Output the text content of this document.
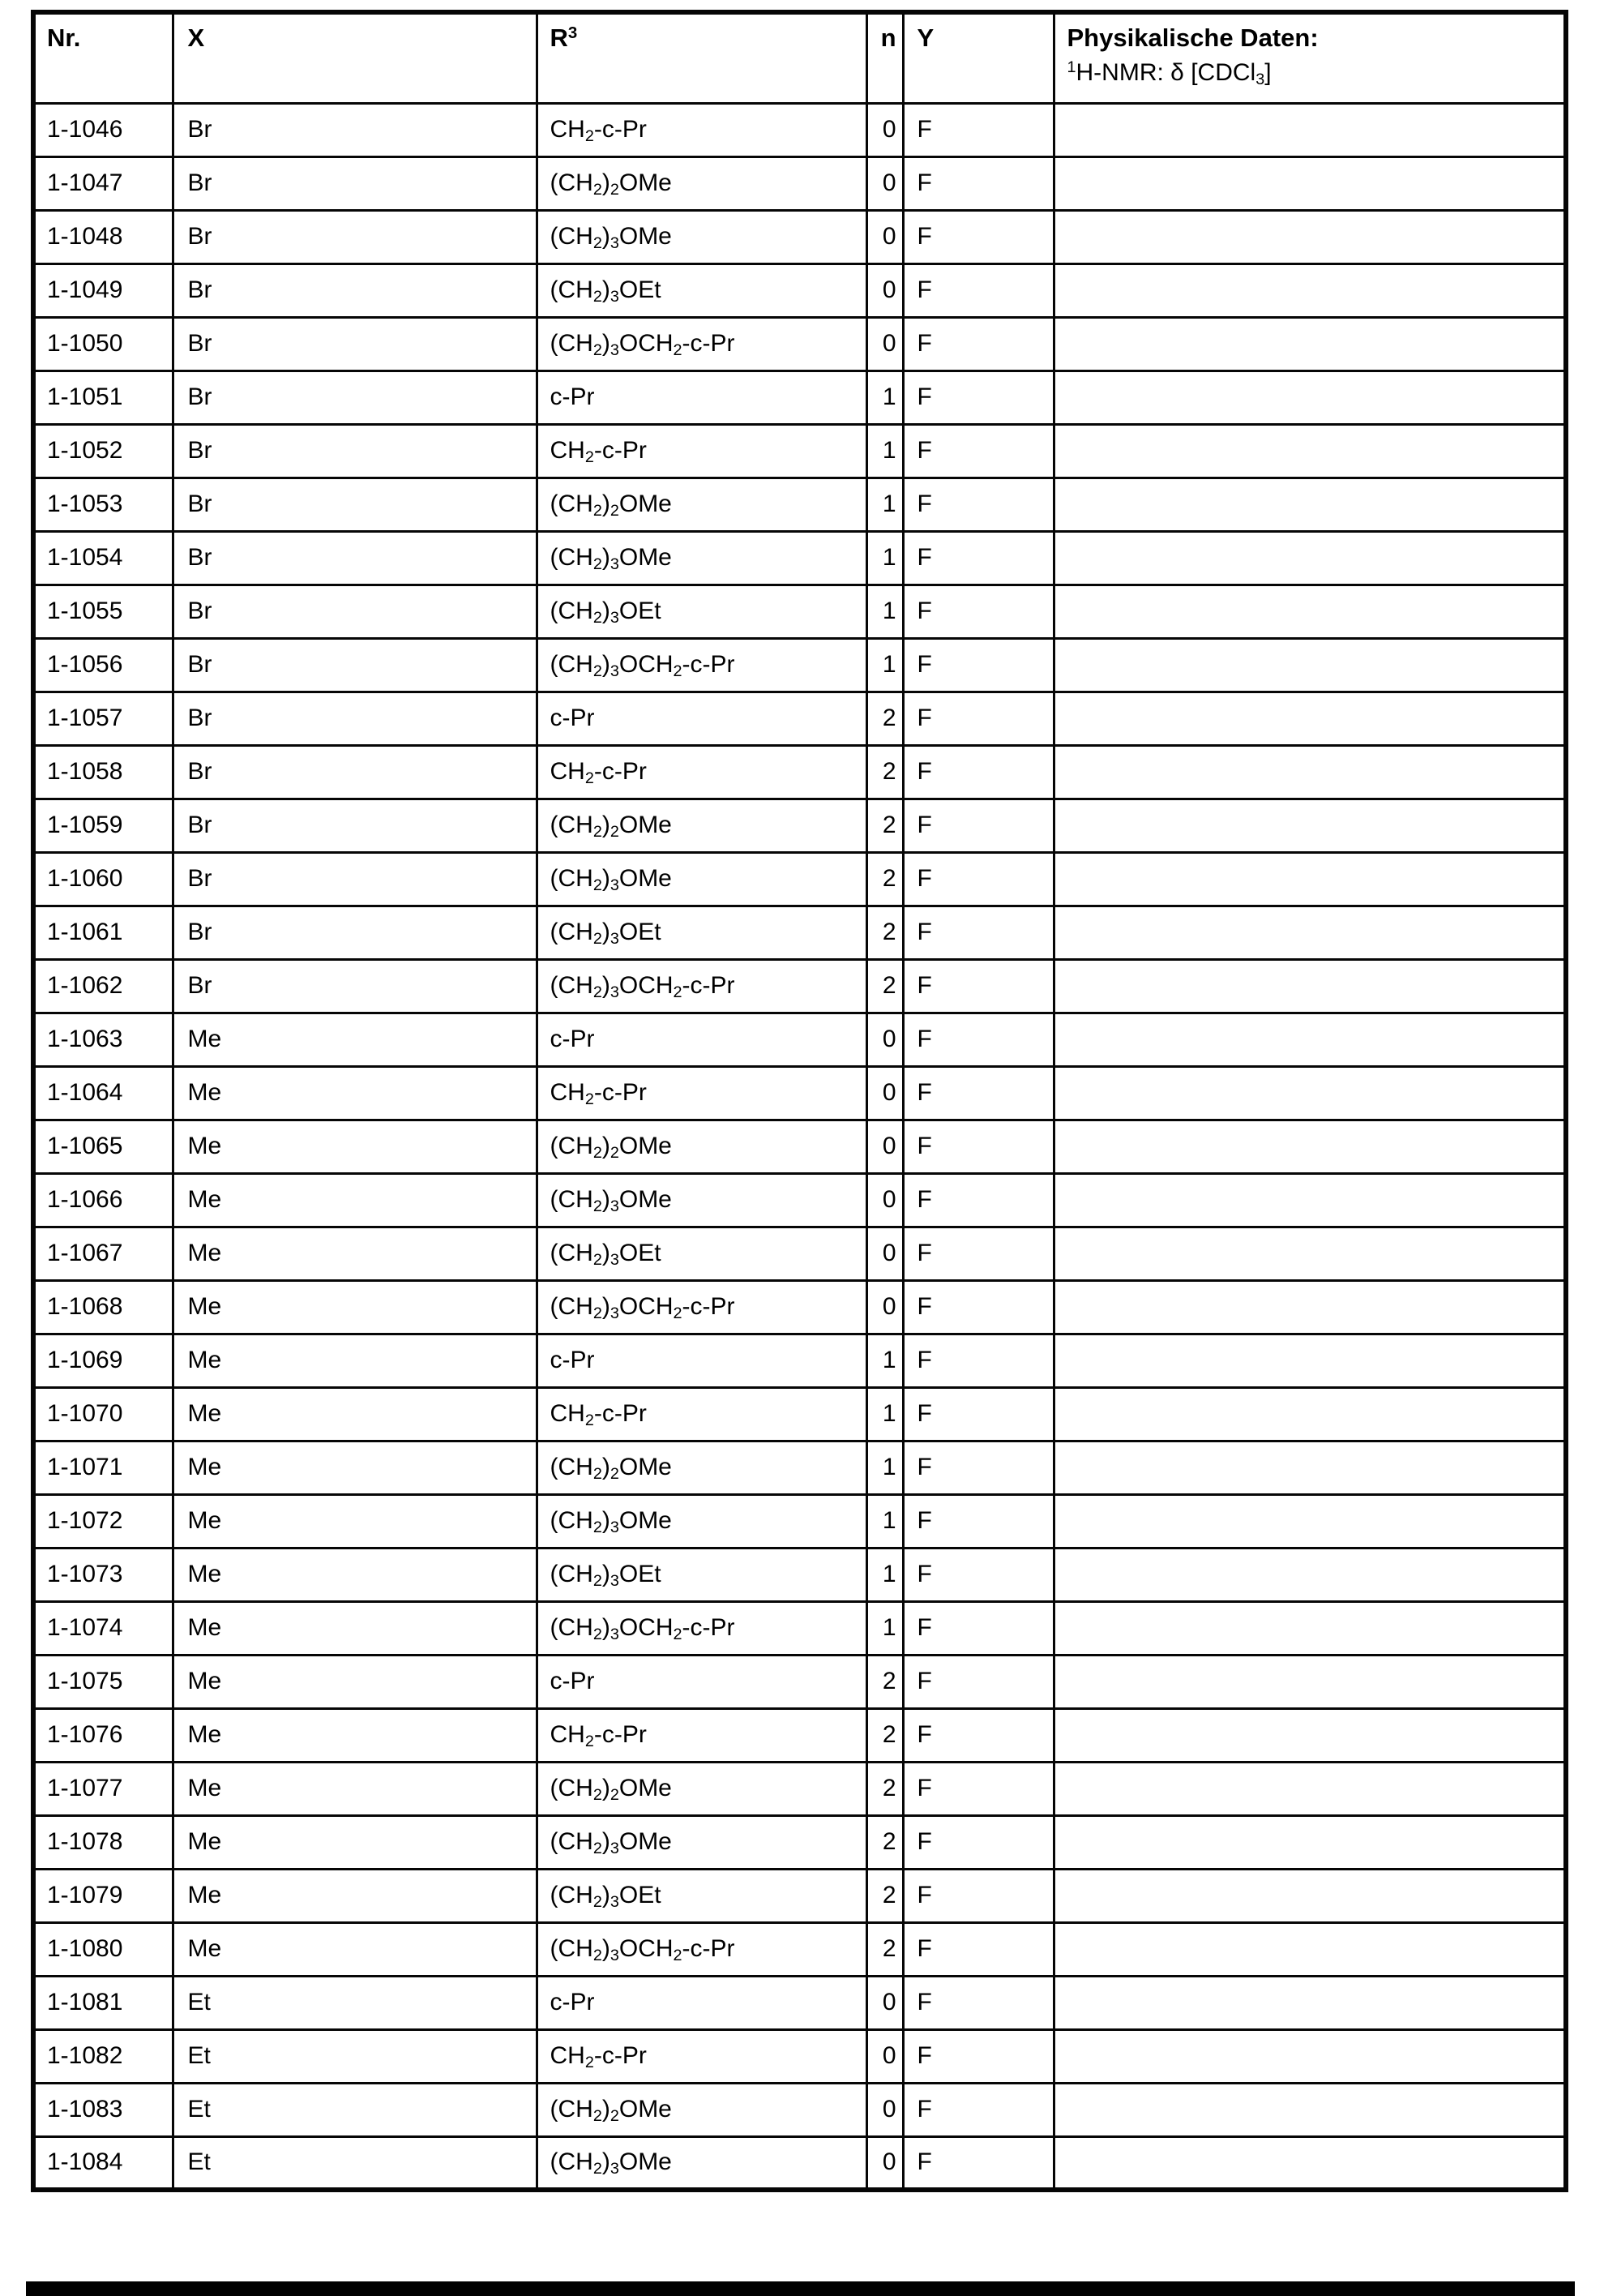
Nr.	X	$R^3$	n	Y	Physikalische Daten:
$^1$H-NMR: δ [CDCl$_3$]

1-1046	Br	$CH_2-c-Pr$	0	F	
1-1047	Br	$(CH_2)_2OMe$	0	F	
1-1048	Br	$(CH_2)_3OMe$	0	F	
1-1049	Br	$(CH_2)_3OEt$	0	F	
1-1050	Br	$(CH_2)_3OCH_2-c-Pr$	0	F	
1-1051	Br	c-Pr	1	F	
1-1052	Br	$CH_2-c-Pr$	1	F	
1-1053	Br	$(CH_2)_2OMe$	1	F	
1-1054	Br	$(CH_2)_3OMe$	1	F	
1-1055	Br	$(CH_2)_3OEt$	1	F	
1-1056	Br	$(CH_2)_3OCH_2-c-Pr$	1	F	
1-1057	Br	c-Pr	2	F	
1-1058	Br	$CH_2-c-Pr$	2	F	
1-1059	Br	$(CH_2)_2OMe$	2	F	
1-1060	Br	$(CH_2)_3OMe$	2	F	
1-1061	Br	$(CH_2)_3OEt$	2	F	
1-1062	Br	$(CH_2)_3OCH_2-c-Pr$	2	F	
1-1063	Me	c-Pr	0	F	
1-1064	Me	$CH_2-c-Pr$	0	F	
1-1065	Me	$(CH_2)_2OMe$	0	F	
1-1066	Me	$(CH_2)_3OMe$	0	F	
1-1067	Me	$(CH_2)_3OEt$	0	F	
1-1068	Me	$(CH_2)_3OCH_2-c-Pr$	0	F	
1-1069	Me	c-Pr	1	F	
1-1070	Me	$CH_2-c-Pr$	1	F	
1-1071	Me	$(CH_2)_2OMe$	1	F	
1-1072	Me	$(CH_2)_3OMe$	1	F	
1-1073	Me	$(CH_2)_3OEt$	1	F	
1-1074	Me	$(CH_2)_3OCH_2-c-Pr$	1	F	
1-1075	Me	c-Pr	2	F	
1-1076	Me	$CH_2-c-Pr$	2	F	
1-1077	Me	$(CH_2)_2OMe$	2	F	
1-1078	Me	$(CH_2)_3OMe$	2	F	
1-1079	Me	$(CH_2)_3OEt$	2	F	
1-1080	Me	$(CH_2)_3OCH_2-c-Pr$	2	F	
1-1081	Et	c-Pr	0	F	
1-1082	Et	$CH_2-c-Pr$	0	F	
1-1083	Et	$(CH_2)_2OMe$	0	F	
1-1084	Et	$(CH_2)_3OMe$	0	F	
